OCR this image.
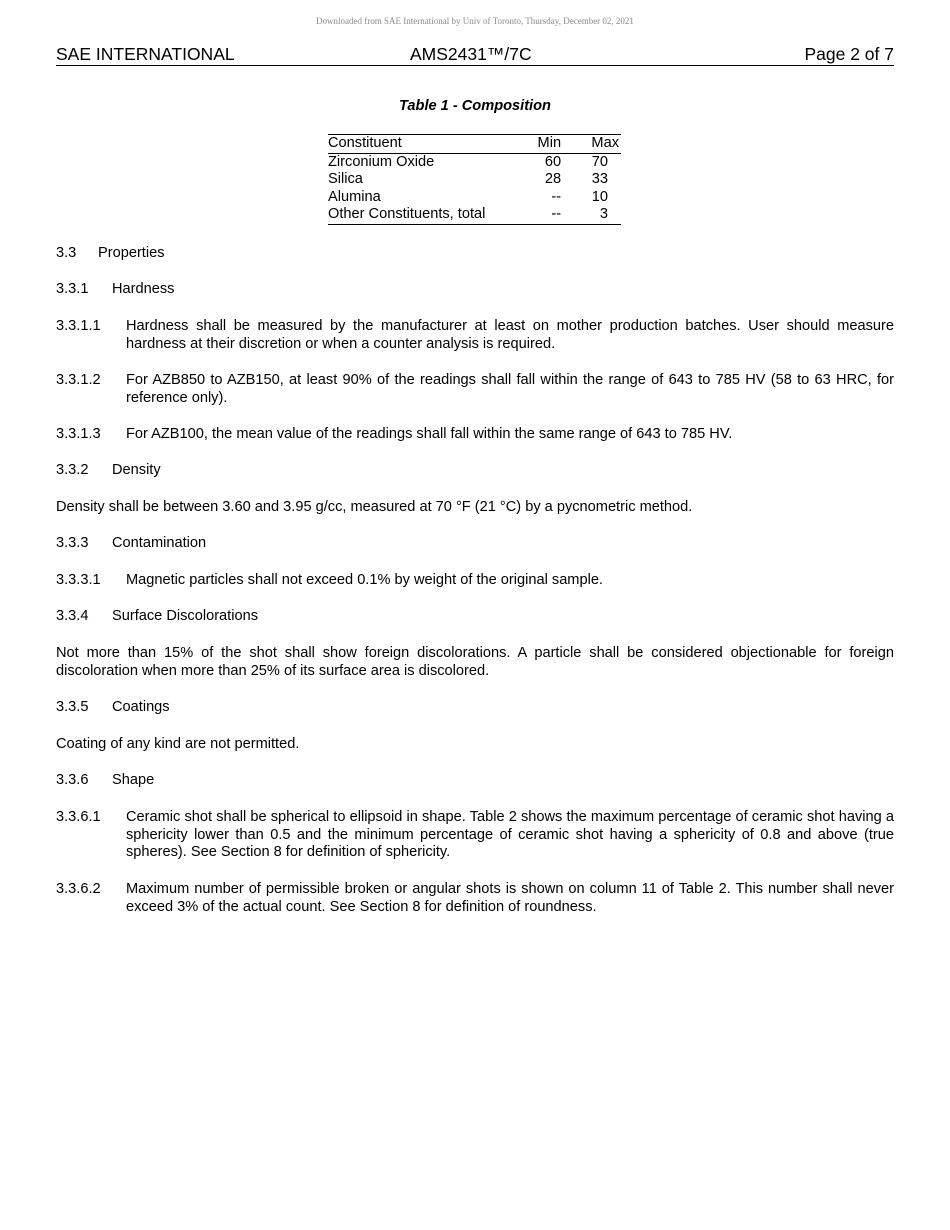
Downloaded from SAE International by Univ of Toronto, Thursday, December 02, 2021
SAE INTERNATIONAL	AMS2431™/7C	Page 2 of 7
Table 1 - Composition
Constituent	Min	Max
Zirconium Oxide	60	70
Silica	28	33
Alumina	--	10
Other Constituents, total	--	3
3.3 Properties
3.3.1 Hardness
3.3.1.1 Hardness shall be measured by the manufacturer at least on mother production batches. User should measure hardness at their discretion or when a counter analysis is required.
3.3.1.2 For AZB850 to AZB150, at least 90% of the readings shall fall within the range of 643 to 785 HV (58 to 63 HRC, for reference only).
3.3.1.3 For AZB100, the mean value of the readings shall fall within the same range of 643 to 785 HV.
3.3.2 Density
Density shall be between 3.60 and 3.95 g/cc, measured at 70 °F (21 °C) by a pycnometric method.
3.3.3 Contamination
3.3.3.1 Magnetic particles shall not exceed 0.1% by weight of the original sample.
3.3.4 Surface Discolorations
Not more than 15% of the shot shall show foreign discolorations. A particle shall be considered objectionable for foreign discoloration when more than 25% of its surface area is discolored.
3.3.5 Coatings
Coating of any kind are not permitted.
3.3.6 Shape
3.3.6.1 Ceramic shot shall be spherical to ellipsoid in shape. Table 2 shows the maximum percentage of ceramic shot having a sphericity lower than 0.5 and the minimum percentage of ceramic shot having a sphericity of 0.8 and above (true spheres). See Section 8 for definition of sphericity.
3.3.6.2 Maximum number of permissible broken or angular shots is shown on column 11 of Table 2. This number shall never exceed 3% of the actual count. See Section 8 for definition of roundness.
